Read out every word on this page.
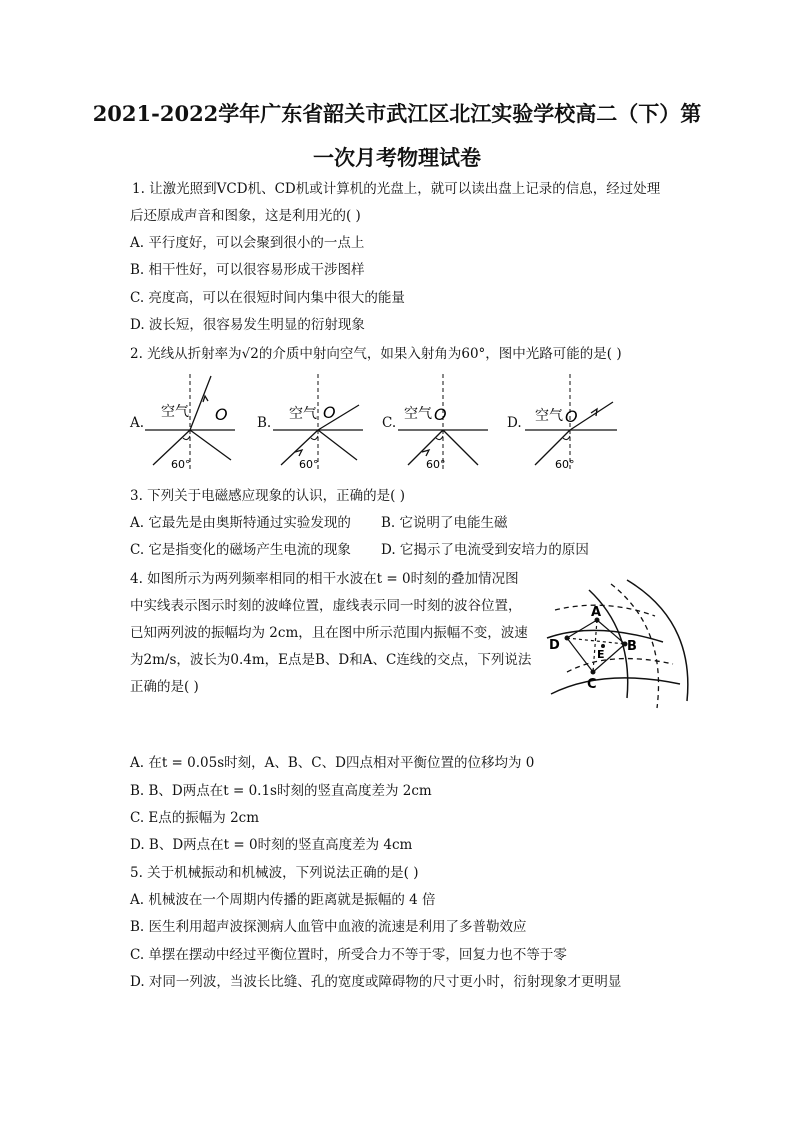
2021-2022学年广东省韶关市武江区北江实验学校高二（下）第
一次月考物理试卷
1. 让激光照到VCD机、CD机或计算机的光盘上，就可以读出盘上记录的信息，经过处理
后还原成声音和图象，这是利用光的( )
A. 平行度好，可以会聚到很小的一点上
B. 相干性好，可以很容易形成干涉图样
C. 亮度高，可以在很短时间内集中很大的能量
D. 波长短，很容易发生明显的衍射现象
2. 光线从折射率为√2的介质中射向空气，如果入射角为60°，图中光路可能的是( )
A.	B.	C.	D.
空气 O
60°
空气 O
60°
空气 O
60°
空气 O
60°
3. 下列关于电磁感应现象的认识，正确的是( )
A. 它最先是由奥斯特通过实验发现的 B. 它说明了电能生磁
C. 它是指变化的磁场产生电流的现象 D. 它揭示了电流受到安培力的原因
4. 如图所示为两列频率相同的相干水波在t = 0时刻的叠加情况图
中实线表示图示时刻的波峰位置，虚线表示同一时刻的波谷位置，
已知两列波的振幅均为 2cm，且在图中所示范围内振幅不变，波速
为2m/s，波长为0.4m，E点是B、D和A、C连线的交点，下列说法
正确的是( )
A
D	B
C
E
A. 在t = 0.05s时刻，A、B、C、D四点相对平衡位置的位移均为 0
B. B、D两点在t = 0.1s时刻的竖直高度差为 2cm
C. E点的振幅为 2cm
D. B、D两点在t = 0时刻的竖直高度差为 4cm
5. 关于机械振动和机械波，下列说法正确的是( )
A. 机械波在一个周期内传播的距离就是振幅的 4 倍
B. 医生利用超声波探测病人血管中血液的流速是利用了多普勒效应
C. 单摆在摆动中经过平衡位置时，所受合力不等于零，回复力也不等于零
D. 对同一列波，当波长比缝、孔的宽度或障碍物的尺寸更小时，衍射现象才更明显
